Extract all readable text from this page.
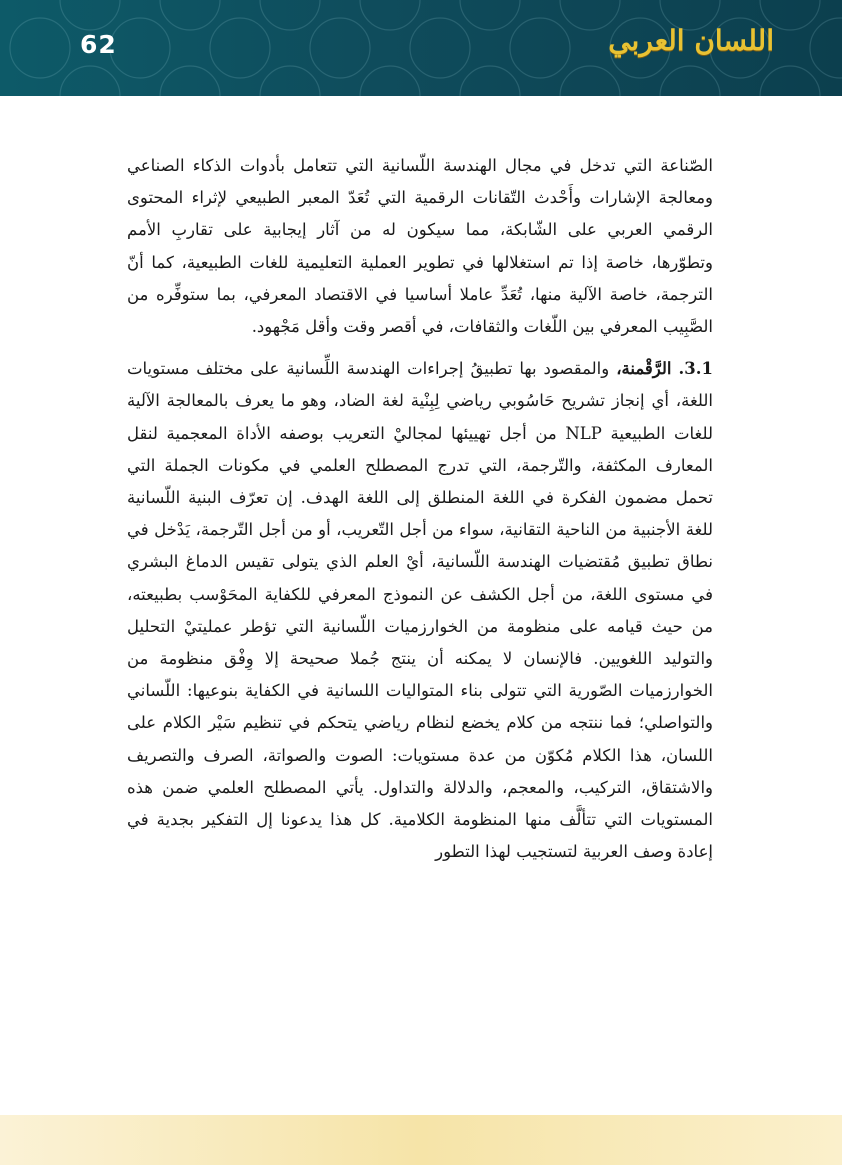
62	اللسان العربي

الصّناعة التي تدخل في مجال الهندسة اللّسانية التي تتعامل بأدوات الذكاء الصناعي ومعالجة الإشارات وأَحْدث التّقانات الرقمية التي تُعَدّ المعبر الطبيعي لإثراء المحتوى الرقمي العربي على الشّابكة، مما سيكون له من آثار إيجابية على تقاربِ الأمم وتطوّرها، خاصة إذا تم استغلالها في تطوير العملية التعليمية للغات الطبيعية، كما أنّ الترجمة، خاصة الآلية منها، تُعَدِّ عاملا أساسيا في الاقتصاد المعرفي، بما ستوفِّره من الصَّبِيب المعرفي بين اللّغات والثقافات، في أقصر وقت وأقل مَجْهود.

3.1. الرَّقْمنة، والمقصود بها تطبيقُ إجراءات الهندسة اللِّسانية على مختلف مستويات اللغة، أي إنجاز تشريح حَاسُوبي رياضي لِبِنْية لغة الضاد، وهو ما يعرف بالمعالجة الآلية للغات الطبيعية NLP من أجل تهييئها لمجاليْ التعريب بوصفه الأداة المعجمية لنقل المعارف المكثفة، والتّرجمة، التي تدرج المصطلح العلمي في مكونات الجملة التي تحمل مضمون الفكرة في اللغة المنطلق إلى اللغة الهدف. إن تعرّف البنية اللّسانية للغة الأجنبية من الناحية التقانية، سواء من أجل التّعريب، أو من أجل التّرجمة، يَدْخل في نطاق تطبيق مُقتضيات الهندسة اللّسانية، أيْ العلم الذي يتولى تقيس الدماغ البشري في مستوى اللغة، من أجل الكشف عن النموذج المعرفي للكفاية المحَوْسب بطبيعته، من حيث قيامه على منظومة من الخوارزميات اللّسانية التي تؤطر عمليتيْ التحليل والتوليد اللغويين. فالإنسان لا يمكنه أن ينتج جُملا صحيحة إلا وِفْق منظومة من الخوارزميات الصّورية التي تتولى بناء المتواليات اللسانية في الكفاية بنوعيها: اللّساني والتواصلي؛ فما ننتجه من كلام يخضع لنظام رياضي يتحكم في تنظيم سَيْر الكلام على اللسان، هذا الكلام مُكوّن من عدة مستويات: الصوت والصواتة، الصرف والتصريف والاشتقاق، التركيب، والمعجم، والدلالة والتداول. يأتي المصطلح العلمي ضمن هذه المستويات التي تتألَّف منها المنظومة الكلامية. كل هذا يدعونا إل التفكير بجدية في إعادة وصف العربية لتستجيب لهذا التطور
